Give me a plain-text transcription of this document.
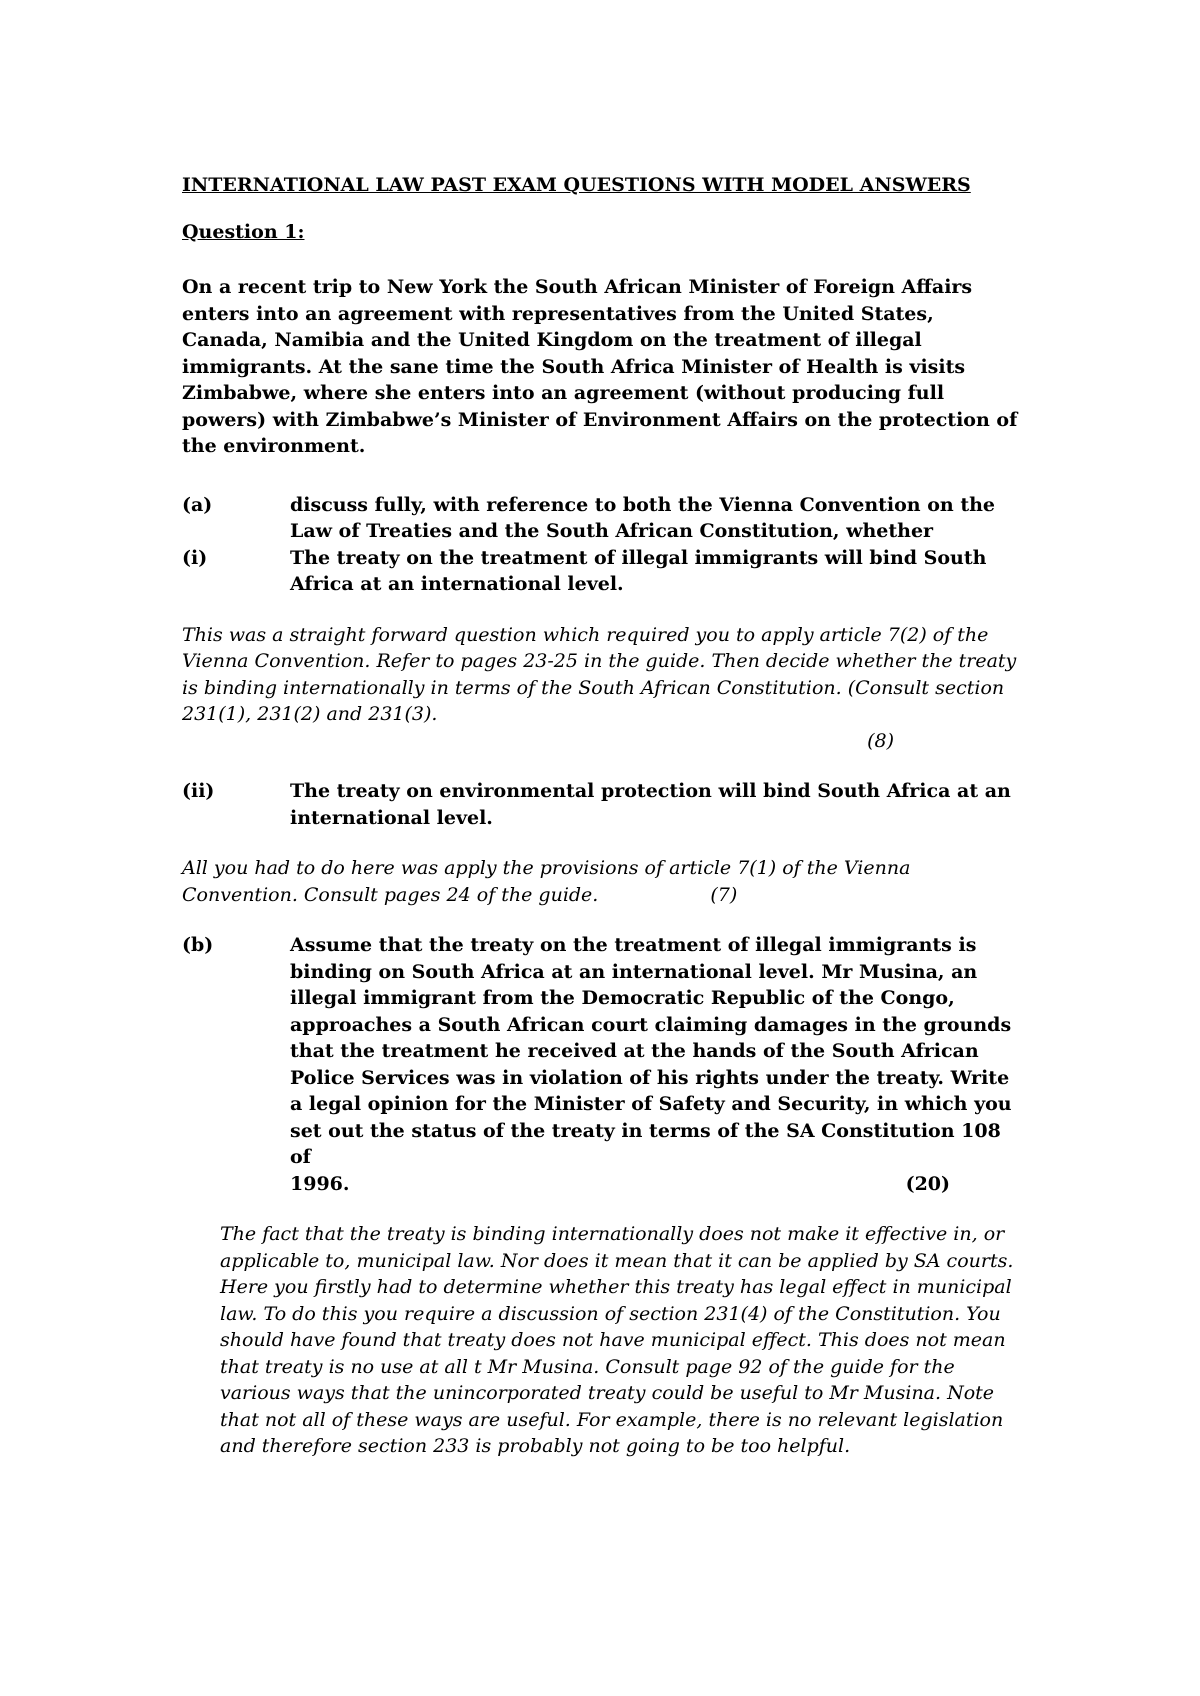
INTERNATIONAL LAW PAST EXAM QUESTIONS WITH MODEL ANSWERS

Question 1:

On a recent trip to New York the South African Minister of Foreign Affairs enters into an agreement with representatives from the United States, Canada, Namibia and the United Kingdom on the treatment of illegal immigrants. At the sane time the South Africa Minister of Health is visits Zimbabwe, where she enters into an agreement (without producing full powers) with Zimbabwe’s Minister of Environment Affairs on the protection of the environment.

(a)	discuss fully, with reference to both the Vienna Convention on the Law of Treaties and the South African Constitution, whether
(i)	The treaty on the treatment of illegal immigrants will bind South Africa at an international level.

This was a straight forward question which required you to apply article 7(2) of the Vienna Convention. Refer to pages 23-25 in the guide. Then decide whether the treaty is binding internationally in terms of the South African Constitution. (Consult section 231(1), 231(2) and 231(3).

(8)
(ii)	The treaty on environmental protection will bind South Africa at an international level.

All you had to do here was apply the provisions of article 7(1) of the Vienna Convention. Consult pages 24 of the guide.	(7)

(b)	Assume that the treaty on the treatment of illegal immigrants is binding on South Africa at an international level. Mr Musina, an illegal immigrant from the Democratic Republic of the Congo, approaches a South African court claiming damages in the grounds that the treatment he received at the hands of the South African Police Services was in violation of his rights under the treaty. Write a legal opinion for the Minister of Safety and Security, in which you set out the status of the treaty in terms of the SA Constitution 108 of
1996.	(20)

The fact that the treaty is binding internationally does not make it effective in, or applicable to, municipal law. Nor does it mean that it can be applied by SA courts. Here you firstly had to determine whether this treaty has legal effect in municipal law. To do this you require a discussion of section 231(4) of the Constitution. You should have found that treaty does not have municipal effect. This does not mean that treaty is no use at all t Mr Musina. Consult page 92 of the guide for the various ways that the unincorporated treaty could be useful to Mr Musina. Note that not all of these ways are useful. For example, there is no relevant legislation and therefore section 233 is probably not going to be too helpful.
